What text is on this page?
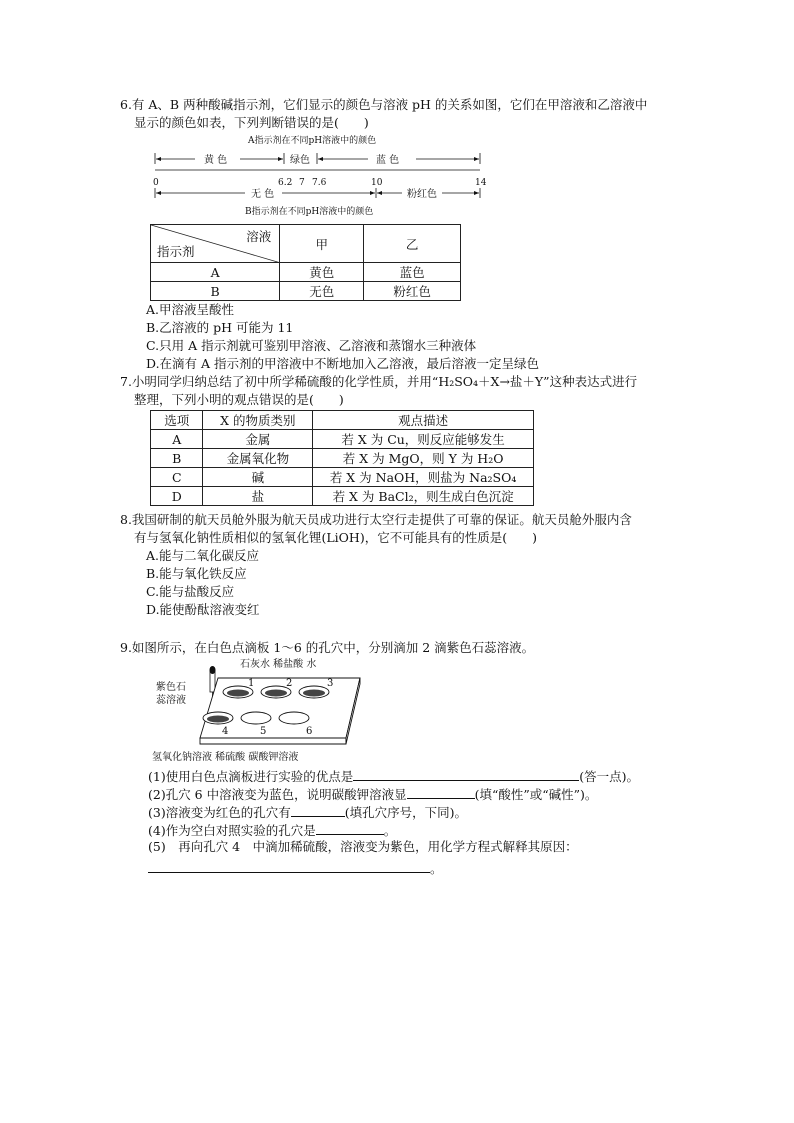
6.有 A、B 两种酸碱指示剂，它们显示的颜色与溶液 pH 的关系如图，它们在甲溶液和乙溶液中
显示的颜色如表，下列判断错误的是(　　)
A指示剂在不同pH溶液中的颜色
黄 色	绿色	蓝 色
0	6.2 7 7.6	10	14
无 色	粉红色
B指示剂在不同pH溶液中的颜色
溶液
指示剂	甲	乙
A	黄色	蓝色
B	无色	粉红色
A.甲溶液呈酸性
B.乙溶液的 pH 可能为 11
C.只用 A 指示剂就可鉴别甲溶液、乙溶液和蒸馏水三种液体
D.在滴有 A 指示剂的甲溶液中不断地加入乙溶液，最后溶液一定呈绿色
7.小明同学归纳总结了初中所学稀硫酸的化学性质，并用“H₂SO₄＋X→盐＋Y”这种表达式进行
整理，下列小明的观点错误的是(　　)
选项	X 的物质类别	观点描述
A	金属	若 X 为 Cu，则反应能够发生
B	金属氧化物	若 X 为 MgO，则 Y 为 H₂O
C	碱	若 X 为 NaOH，则盐为 Na₂SO₄
D	盐	若 X 为 BaCl₂，则生成白色沉淀
8.我国研制的航天员舱外服为航天员成功进行太空行走提供了可靠的保证。航天员舱外服内含
有与氢氧化钠性质相似的氢氧化锂(LiOH)，它不可能具有的性质是(　　)
A.能与二氧化碳反应
B.能与氧化铁反应
C.能与盐酸反应
D.能使酚酞溶液变红
9.如图所示，在白色点滴板 1～6 的孔穴中，分别滴加 2 滴紫色石蕊溶液。
石灰水 稀盐酸 水
紫色石
蕊溶液
1	2	3
4	5	6
氢氧化钠溶液 稀硫酸 碳酸钾溶液
(1)使用白色点滴板进行实验的优点是	(答一点)。
(2)孔穴 6 中溶液变为蓝色，说明碳酸钾溶液显	(填“酸性”或“碱性”)。
(3)溶液变为红色的孔穴有	(填孔穴序号，下同)。
(4)作为空白对照实验的孔穴是	。
(5)　再向孔穴 4　中滴加稀硫酸，溶液变为紫色，用化学方程式解释其原因：
。
